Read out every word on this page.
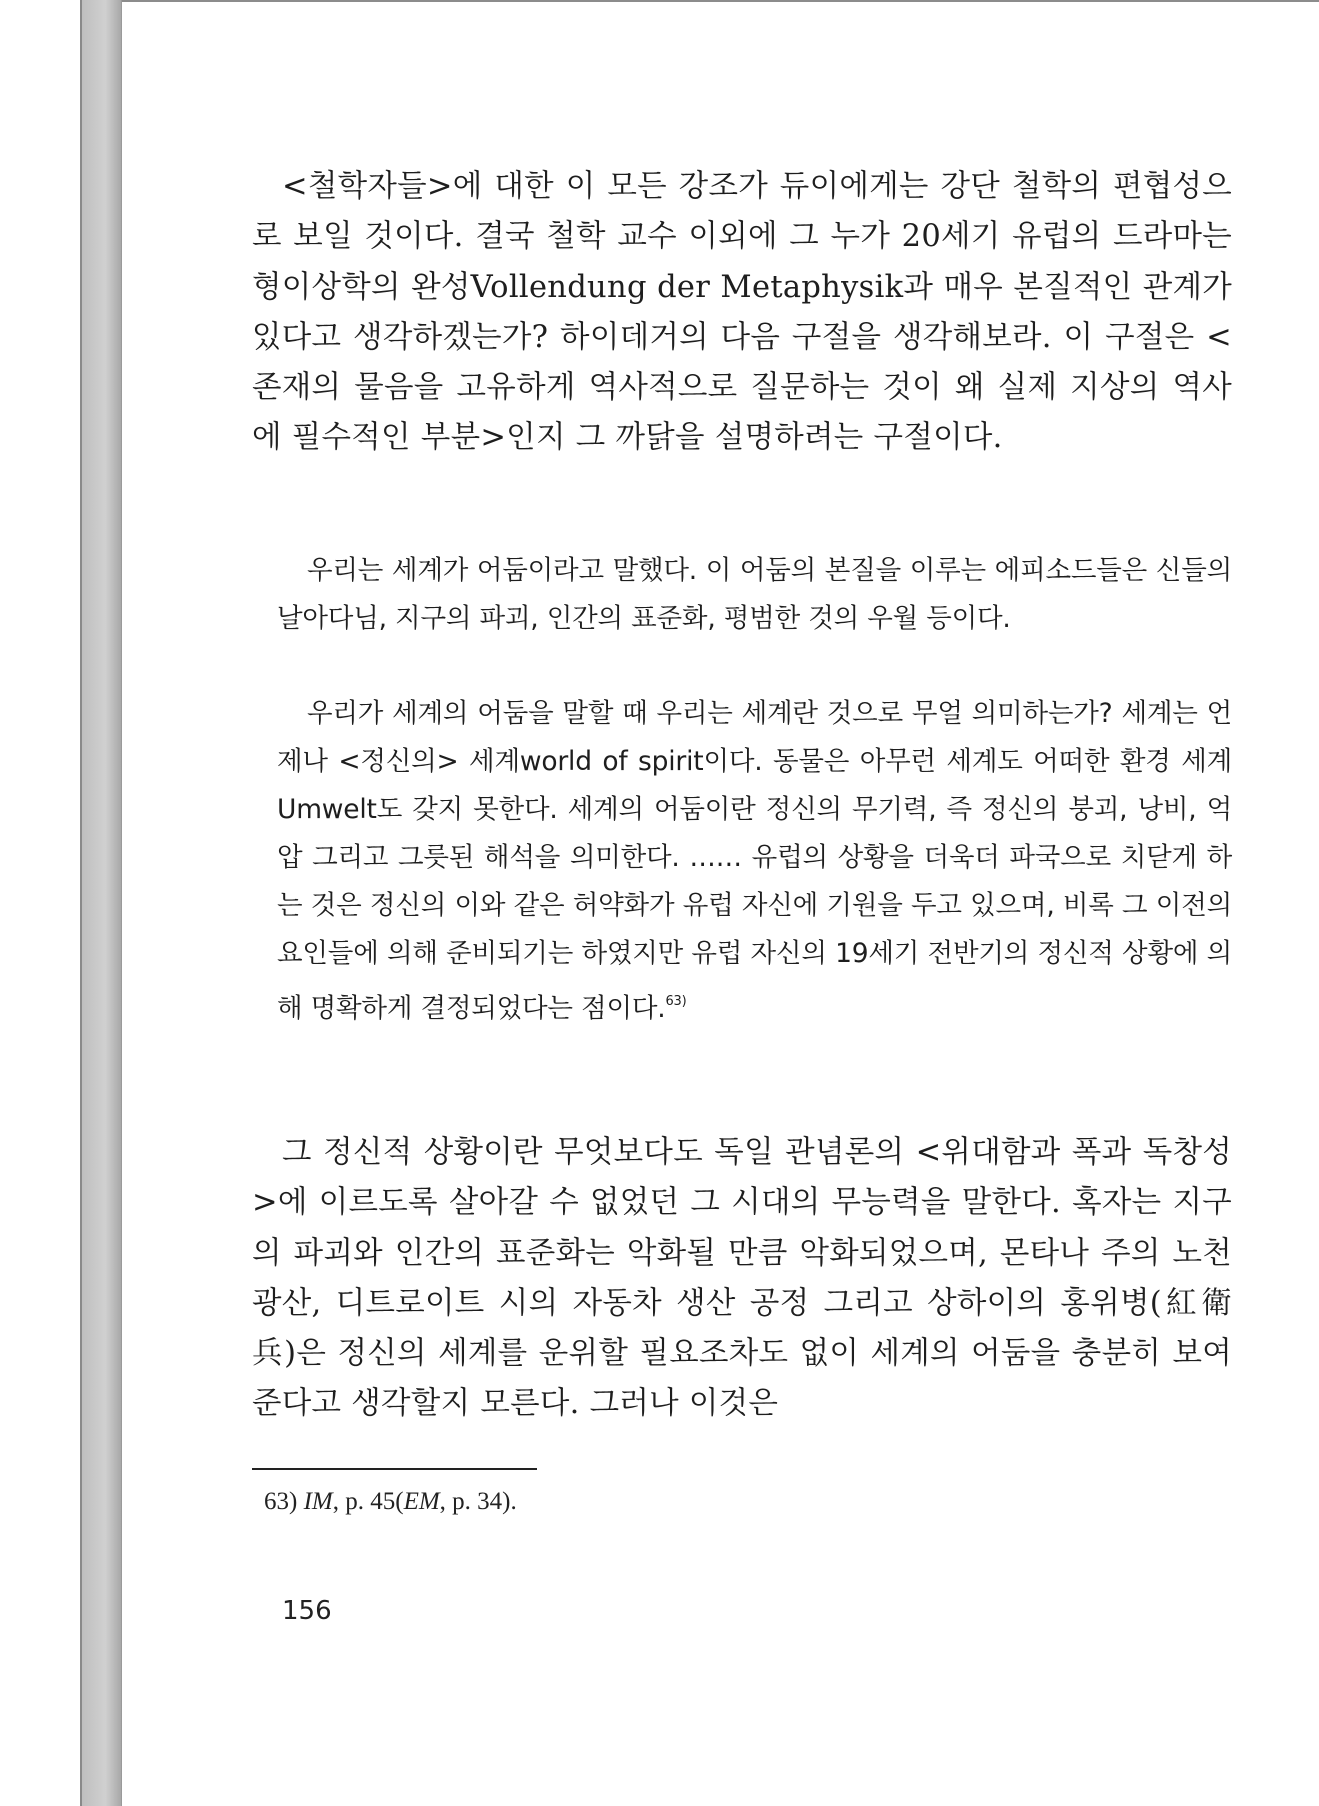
<철학자들>에 대한 이 모든 강조가 듀이에게는 강단 철학의 편협성으로 보일 것이다. 결국 철학 교수 이외에 그 누가 20세기 유럽의 드라마는 형이상학의 완성Vollendung der Metaphysik과 매우 본질적인 관계가 있다고 생각하겠는가? 하이데거의 다음 구절을 생각해보라. 이 구절은 <존재의 물음을 고유하게 역사적으로 질문하는 것이 왜 실제 지상의 역사에 필수적인 부분>인지 그 까닭을 설명하려는 구절이다.

우리는 세계가 어둠이라고 말했다. 이 어둠의 본질을 이루는 에피소드들은 신들의 날아다님, 지구의 파괴, 인간의 표준화, 평범한 것의 우월 등이다.

우리가 세계의 어둠을 말할 때 우리는 세계란 것으로 무얼 의미하는가? 세계는 언제나 <정신의> 세계world of spirit이다. 동물은 아무런 세계도 어떠한 환경 세계Umwelt도 갖지 못한다. 세계의 어둠이란 정신의 무기력, 즉 정신의 붕괴, 낭비, 억압 그리고 그릇된 해석을 의미한다. …… 유럽의 상황을 더욱더 파국으로 치닫게 하는 것은 정신의 이와 같은 허약화가 유럽 자신에 기원을 두고 있으며, 비록 그 이전의 요인들에 의해 준비되기는 하였지만 유럽 자신의 19세기 전반기의 정신적 상황에 의해 명확하게 결정되었다는 점이다.$^{63)}$

그 정신적 상황이란 무엇보다도 독일 관념론의 <위대함과 폭과 독창성>에 이르도록 살아갈 수 없었던 그 시대의 무능력을 말한다. 혹자는 지구의 파괴와 인간의 표준화는 악화될 만큼 악화되었으며, 몬타나 주의 노천 광산, 디트로이트 시의 자동차 생산 공정 그리고 상하이의 홍위병(紅衛兵)은 정신의 세계를 운위할 필요조차도 없이 세계의 어둠을 충분히 보여준다고 생각할지 모른다. 그러나 이것은

63) IM, p. 45(EM, p. 34).
156
